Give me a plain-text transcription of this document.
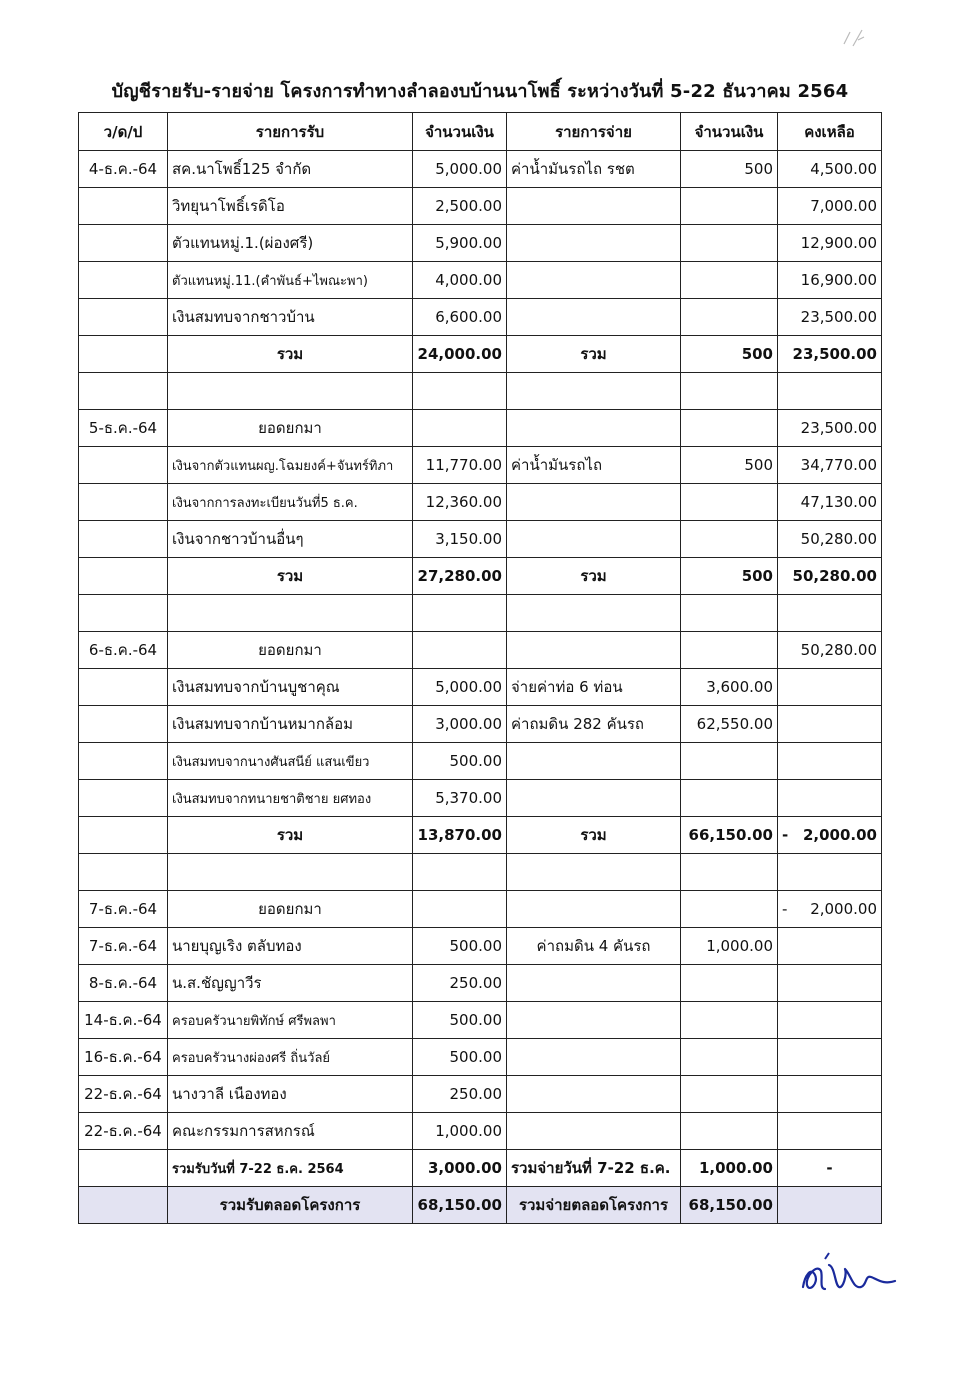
บัญชีรายรับ-รายจ่าย โครงการทำทางลำลองบบ้านนาโพธิ์ ระหว่างวันที่ 5-22 ธันวาคม 2564
ว/ด/ป	รายการรับ	จำนวนเงิน	รายการจ่าย	จำนวนเงิน	คงเหลือ
4-ธ.ค.-64	สค.นาโพธิ์125 จำกัด	5,000.00	ค่าน้ำมันรถไถ รชต	500	4,500.00
	วิทยุนาโพธิ์เรดิโอ	2,500.00			7,000.00
	ตัวแทนหมู่.1.(ผ่องศรี)	5,900.00			12,900.00
	ตัวแทนหมู่.11.(คำพันธ์+ไพณะพา)	4,000.00			16,900.00
	เงินสมทบจากชาวบ้าน	6,600.00			23,500.00
	รวม	24,000.00	รวม	500	23,500.00

5-ธ.ค.-64	ยอดยกมา				23,500.00
	เงินจากตัวแทนผญ.โฉมยงค์+จันทร์ทิภา	11,770.00	ค่าน้ำมันรถไถ	500	34,770.00
	เงินจากการลงทะเบียนวันที่5 ธ.ค.	12,360.00			47,130.00
	เงินจากชาวบ้านอื่นๆ	3,150.00			50,280.00
	รวม	27,280.00	รวม	500	50,280.00

6-ธ.ค.-64	ยอดยกมา				50,280.00
	เงินสมทบจากบ้านบูชาคุณ	5,000.00	จ่ายค่าท่อ 6 ท่อน	3,600.00	
	เงินสมทบจากบ้านหมากล้อม	3,000.00	ค่าถมดิน 282 คันรถ	62,550.00	
	เงินสมทบจากนางศันสนีย์ แสนเขียว	500.00			
	เงินสมทบจากทนายชาติชาย ยศทอง	5,370.00			
	รวม	13,870.00	รวม	66,150.00	- 2,000.00

7-ธ.ค.-64	ยอดยกมา				- 2,000.00

7-ธ.ค.-64	นายบุญเริง ตลับทอง	500.00	ค่าถมดิน 4 คันรถ	1,000.00	
8-ธ.ค.-64	น.ส.ชัญญาวีร	250.00			
14-ธ.ค.-64	ครอบครัวนายพิทักษ์ ศรีพลพา	500.00			
16-ธ.ค.-64	ครอบครัวนางผ่องศรี ถิ่นวัลย์	500.00			
22-ธ.ค.-64	นางวาลี เนืองทอง	250.00			
22-ธ.ค.-64	คณะกรรมการสหกรณ์	1,000.00			
	รวมรับวันที่ 7-22 ธ.ค. 2564	3,000.00	รวมจ่ายวันที่ 7-22 ธ.ค.	1,000.00	-
	รวมรับตลอดโครงการ	68,150.00	รวมจ่ายตลอดโครงการ	68,150.00	
